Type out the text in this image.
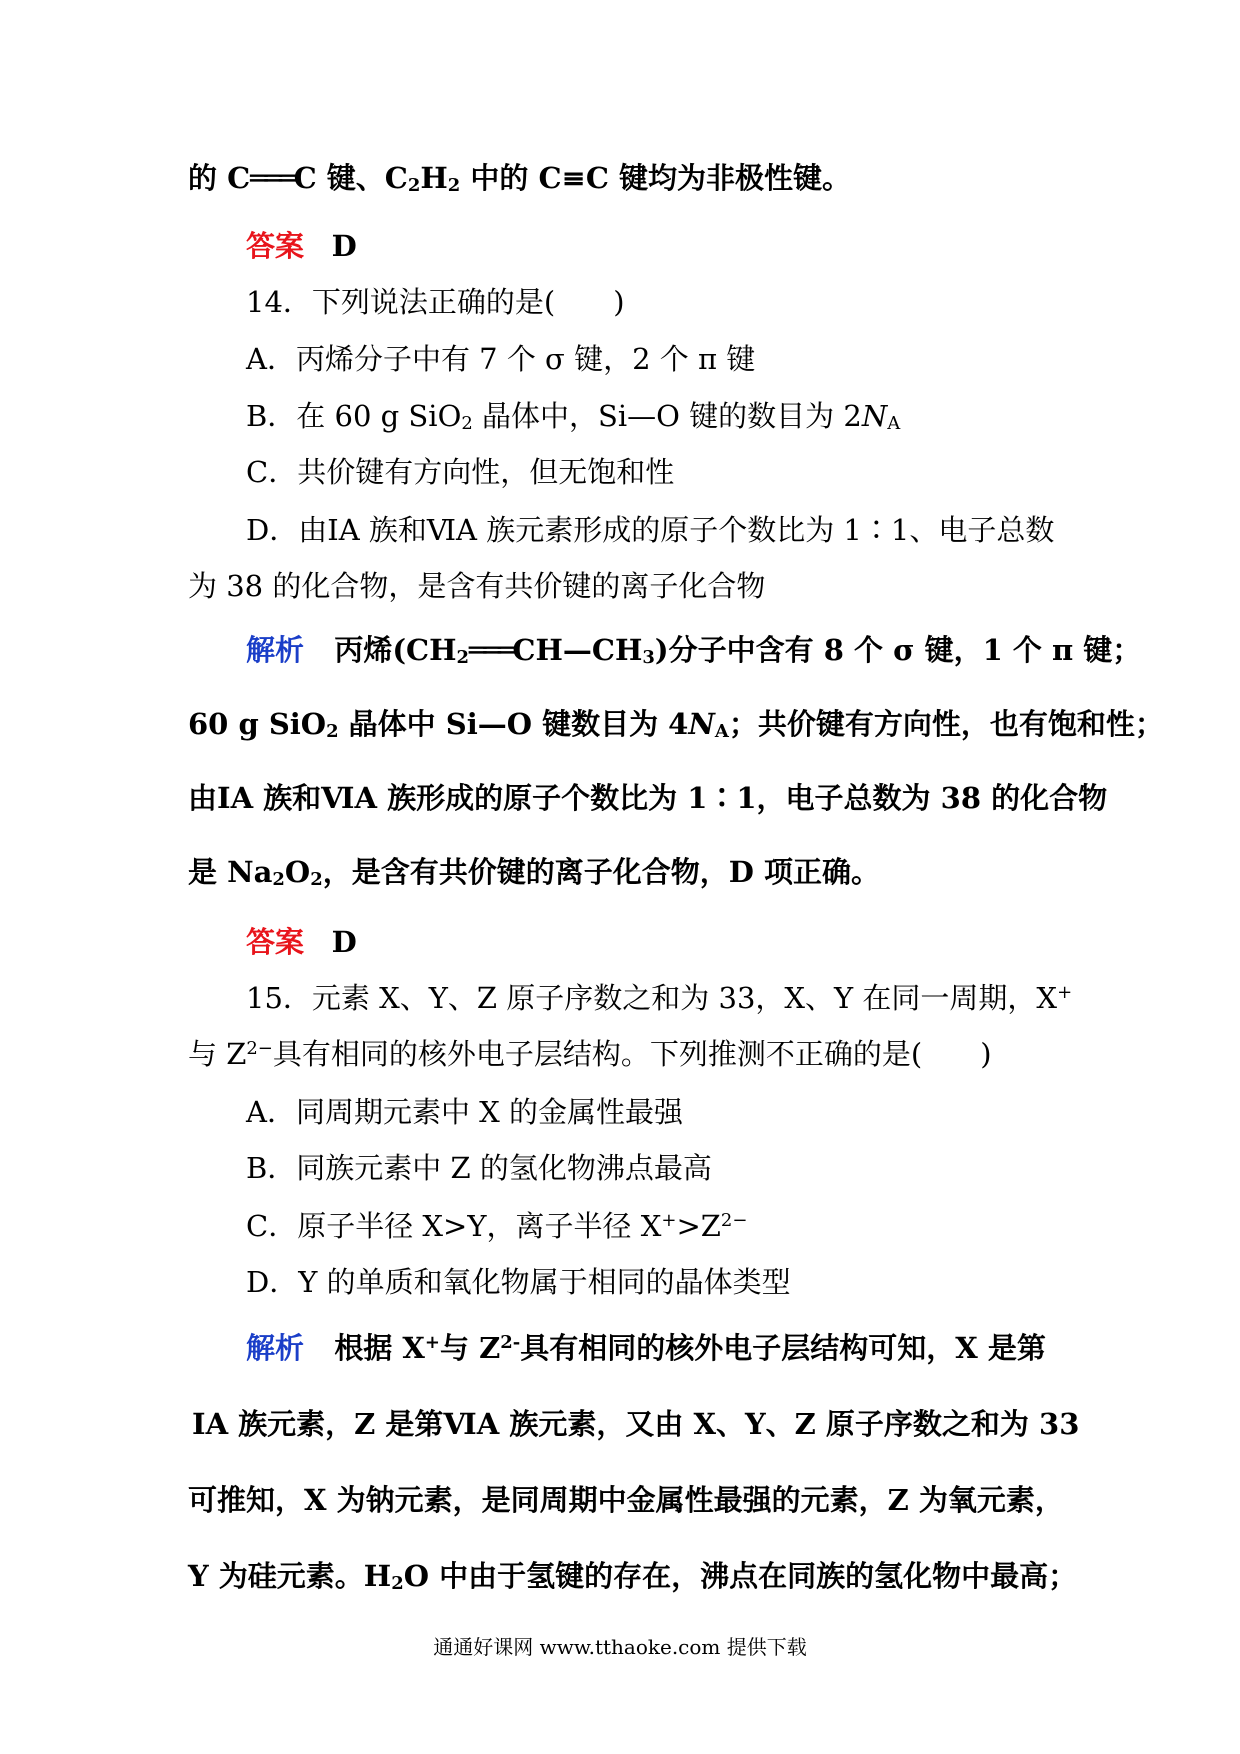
的 C═══C 键、$C_2H_2$ 中的 C≡C 键均为非极性键。
答案 D
14．下列说法正确的是(　　)
A．丙烯分子中有 7 个 σ 键，2 个 π 键
B．在 60 g SiO$_2$ 晶体中，Si—O 键的数目为 $2N_A$
C．共价键有方向性，但无饱和性
D．由ⅠA 族和ⅥA 族元素形成的原子个数比为 1∶1、电子总数
为 38 的化合物，是含有共价键的离子化合物
解析 丙烯$(CH_2═══CH—CH_3)$分子中含有 8 个 σ 键，1 个 π 键；
60 g SiO$_2$ 晶体中 Si—O 键数目为 $4N_A$；共价键有方向性，也有饱和性；
由ⅠA 族和ⅥA 族形成的原子个数比为 1∶1，电子总数为 38 的化合物
是 $Na_2O_2$，是含有共价键的离子化合物，D 项正确。
答案 D
15．元素 X、Y、Z 原子序数之和为 33，X、Y 在同一周期，X+
与 $Z^{2-}$具有相同的核外电子层结构。下列推测不正确的是(　　)
A．同周期元素中 X 的金属性最强
B．同族元素中 Z 的氢化物沸点最高
C．原子半径 X>Y，离子半径 $X^+>Z^{2-}$
D．Y 的单质和氧化物属于相同的晶体类型
解析 根据 X+与 $Z^{2-}$具有相同的核外电子层结构可知，X 是第
ⅠA 族元素，Z 是第ⅥA 族元素，又由 X、Y、Z 原子序数之和为 33
可推知，X 为钠元素，是同周期中金属性最强的元素，Z 为氧元素，
Y 为硅元素。$H_2O$ 中由于氢键的存在，沸点在同族的氢化物中最高；
通通好课网 www.tthaoke.com 提供下载
